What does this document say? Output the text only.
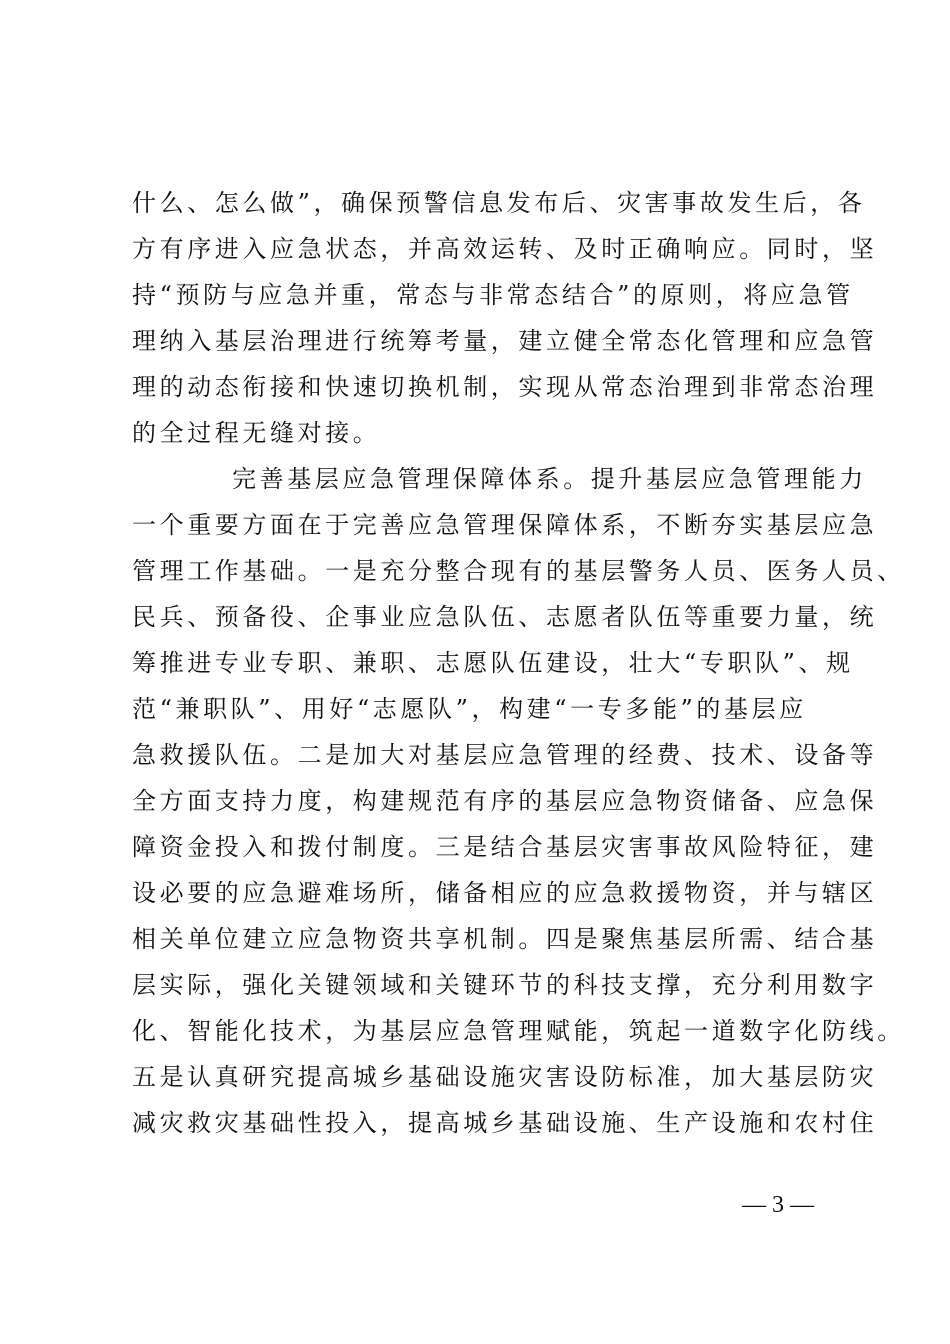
什么、怎么做”，确保预警信息发布后、灾害事故发生后，各
方有序进入应急状态，并高效运转、及时正确响应。同时，坚
持“预防与应急并重，常态与非常态结合”的原则，将应急管
理纳入基层治理进行统筹考量，建立健全常态化管理和应急管
理的动态衔接和快速切换机制，实现从常态治理到非常态治理
的全过程无缝对接。
完善基层应急管理保障体系。提升基层应急管理能力
一个重要方面在于完善应急管理保障体系，不断夯实基层应急
管理工作基础。一是充分整合现有的基层警务人员、医务人员、
民兵、预备役、企事业应急队伍、志愿者队伍等重要力量，统
筹推进专业专职、兼职、志愿队伍建设，壮大“专职队”、规
范“兼职队”、用好“志愿队”，构建“一专多能”的基层应
急救援队伍。二是加大对基层应急管理的经费、技术、设备等
全方面支持力度，构建规范有序的基层应急物资储备、应急保
障资金投入和拨付制度。三是结合基层灾害事故风险特征，建
设必要的应急避难场所，储备相应的应急救援物资，并与辖区
相关单位建立应急物资共享机制。四是聚焦基层所需、结合基
层实际，强化关键领域和关键环节的科技支撑，充分利用数字
化、智能化技术，为基层应急管理赋能，筑起一道数字化防线。
五是认真研究提高城乡基础设施灾害设防标准，加大基层防灾
减灾救灾基础性投入，提高城乡基础设施、生产设施和农村住
— 3 —
